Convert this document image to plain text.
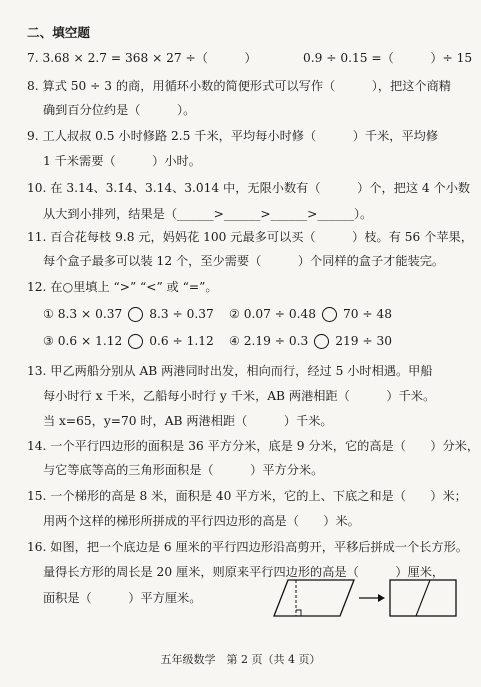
二、填空题
7. 3.68 × 2.7 = 368 × 27 ÷（　　　）	0.9 ÷ 0.15 =（　　　）÷ 15
8. 算式 50 ÷ 3 的商，用循环小数的简便形式可以写作（　　　），把这个商精
确到百分位约是（　　　）。
9. 工人叔叔 0.5 小时修路 2.5 千米，平均每小时修（　　　）千米，平均修
1 千米需要（　　　）小时。
10. 在 3.14、3.1̇4̇、3.14̇、3.0̇14̇ 中，无限小数有（　　　）个，把这 4 个小数
从大到小排列，结果是（______>______>______>______）。
11. 百合花每枝 9.8 元，妈妈花 100 元最多可以买（　　　）枝。有 56 个苹果，
每个盒子最多可以装 12 个，至少需要（　　　）个同样的盒子才能装完。
12. 在○里填上 “>” “<” 或 “=”。
① 8.3 × 0.37 8.3 ÷ 0.37 ② 0.07 ÷ 0.48 70 ÷ 48
③ 0.6 × 1.12 0.6 ÷ 1.12 ④ 2.19 ÷ 0.3 219 ÷ 30
13. 甲乙两船分别从 AB 两港同时出发，相向而行，经过 5 小时相遇。甲船
每小时行 x 千米，乙船每小时行 y 千米，AB 两港相距（　　　）千米。
当 x=65，y=70 时，AB 两港相距（　　　）千米。
14. 一个平行四边形的面积是 36 平方分米，底是 9 分米，它的高是（　　）分米，
与它等底等高的三角形面积是（　　　）平方分米。
15. 一个梯形的高是 8 米，面积是 40 平方米，它的上、下底之和是（　　）米；
用两个这样的梯形所拼成的平行四边形的高是（　　）米。
16. 如图，把一个底边是 6 厘米的平行四边形沿高剪开，平移后拼成一个长方形。
量得长方形的周长是 20 厘米，则原来平行四边形的高是（　　　）厘米，
面积是（　　　）平方厘米。
五年级数学　第 2 页（共 4 页）
